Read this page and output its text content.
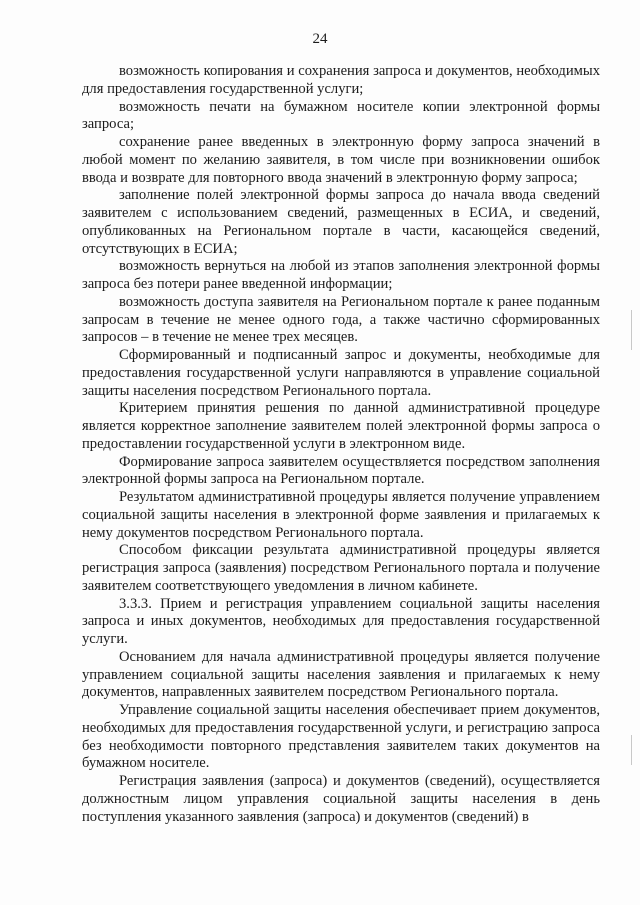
24

возможность копирования и сохранения запроса и документов, необходимых для предоставления государственной услуги;

возможность печати на бумажном носителе копии электронной формы запроса;

сохранение ранее введенных в электронную форму запроса значений в любой момент по желанию заявителя, в том числе при возникновении ошибок ввода и возврате для повторного ввода значений в электронную форму запроса;

заполнение полей электронной формы запроса до начала ввода сведений заявителем с использованием сведений, размещенных в ЕСИА, и сведений, опубликованных на Региональном портале в части, касающейся сведений, отсутствующих в ЕСИА;

возможность вернуться на любой из этапов заполнения электронной формы запроса без потери ранее введенной информации;

возможность доступа заявителя на Региональном портале к ранее поданным запросам в течение не менее одного года, а также частично сформированных запросов – в течение не менее трех месяцев.

Сформированный и подписанный запрос и документы, необходимые для предоставления государственной услуги направляются в управление социальной защиты населения посредством Регионального портала.

Критерием принятия решения по данной административной процедуре является корректное заполнение заявителем полей электронной формы запроса о предоставлении государственной услуги в электронном виде.

Формирование запроса заявителем осуществляется посредством заполнения электронной формы запроса на Региональном портале.

Результатом административной процедуры является получение управлением социальной защиты населения в электронной форме заявления и прилагаемых к нему документов посредством Регионального портала.

Способом фиксации результата административной процедуры является регистрация запроса (заявления) посредством Регионального портала и получение заявителем соответствующего уведомления в личном кабинете.

3.3.3. Прием и регистрация управлением социальной защиты населения запроса и иных документов, необходимых для предоставления государственной услуги.

Основанием для начала административной процедуры является получение управлением социальной защиты населения заявления и прилагаемых к нему документов, направленных заявителем посредством Регионального портала.

Управление социальной защиты населения обеспечивает прием документов, необходимых для предоставления государственной услуги, и регистрацию запроса без необходимости повторного представления заявителем таких документов на бумажном носителе.

Регистрация заявления (запроса) и документов (сведений), осуществляется должностным лицом управления социальной защиты населения в день поступления указанного заявления (запроса) и документов (сведений) в
